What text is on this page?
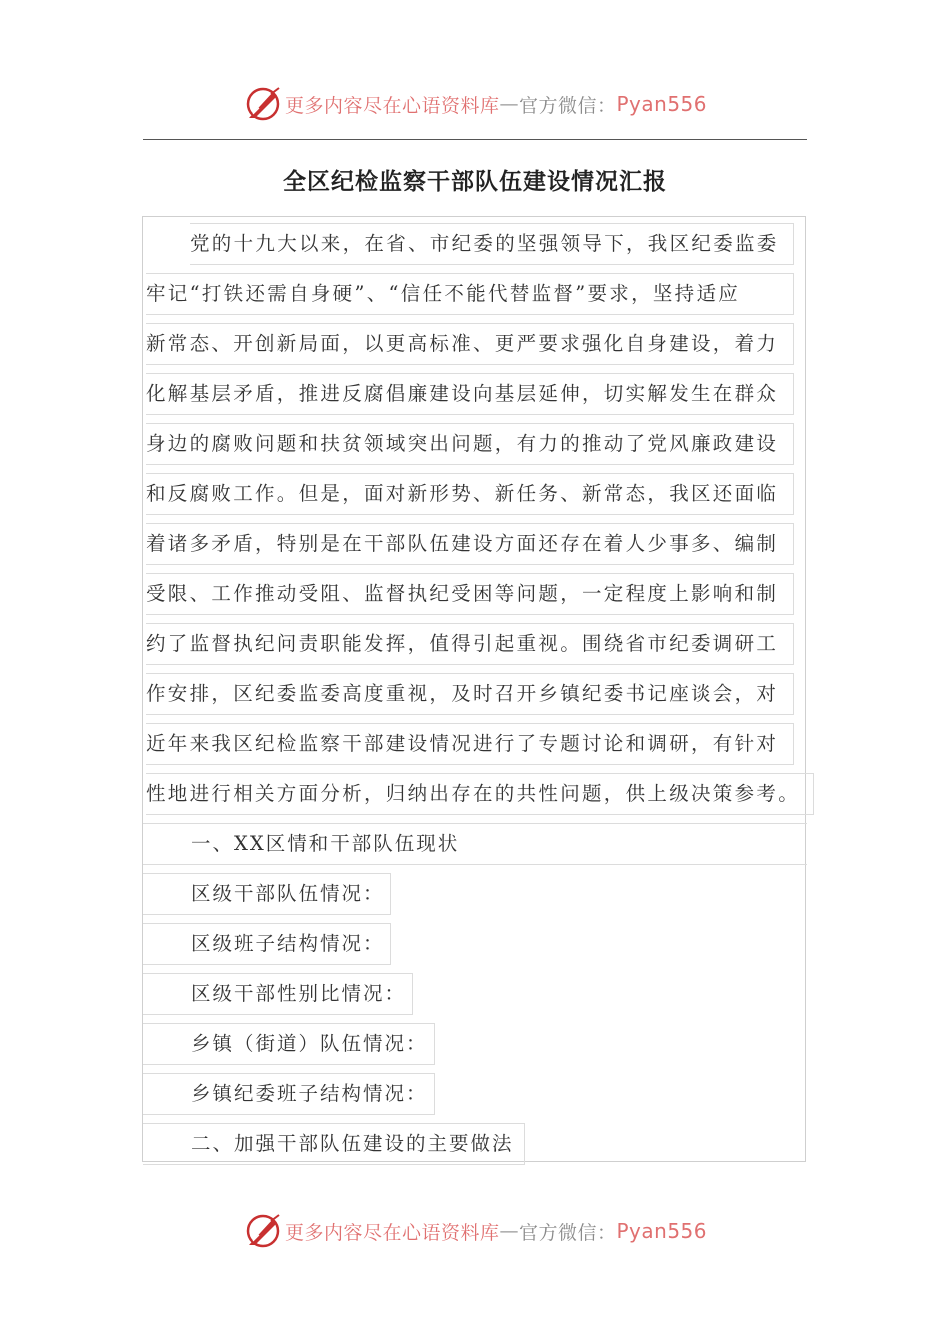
更多内容尽在心语资料库 — 官方微信： Pyan556
全区纪检监察干部队伍建设情况汇报
党的十九大以来，在省、市纪委的坚强领导下，我区纪委监委
牢记“打铁还需自身硬”、“信任不能代替监督”要求，坚持适应
新常态、开创新局面，以更高标准、更严要求强化自身建设，着力
化解基层矛盾，推进反腐倡廉建设向基层延伸，切实解发生在群众
身边的腐败问题和扶贫领域突出问题，有力的推动了党风廉政建设
和反腐败工作。但是，面对新形势、新任务、新常态，我区还面临
着诸多矛盾，特别是在干部队伍建设方面还存在着人少事多、编制
受限、工作推动受阻、监督执纪受困等问题，一定程度上影响和制
约了监督执纪问责职能发挥，值得引起重视。围绕省市纪委调研工
作安排，区纪委监委高度重视，及时召开乡镇纪委书记座谈会，对
近年来我区纪检监察干部建设情况进行了专题讨论和调研，有针对
性地进行相关方面分析，归纳出存在的共性问题，供上级决策参考。
一、XX区情和干部队伍现状
区级干部队伍情况：
区级班子结构情况：
区级干部性别比情况：
乡镇（街道）队伍情况：
乡镇纪委班子结构情况：
二、加强干部队伍建设的主要做法
更多内容尽在心语资料库 — 官方微信： Pyan556
